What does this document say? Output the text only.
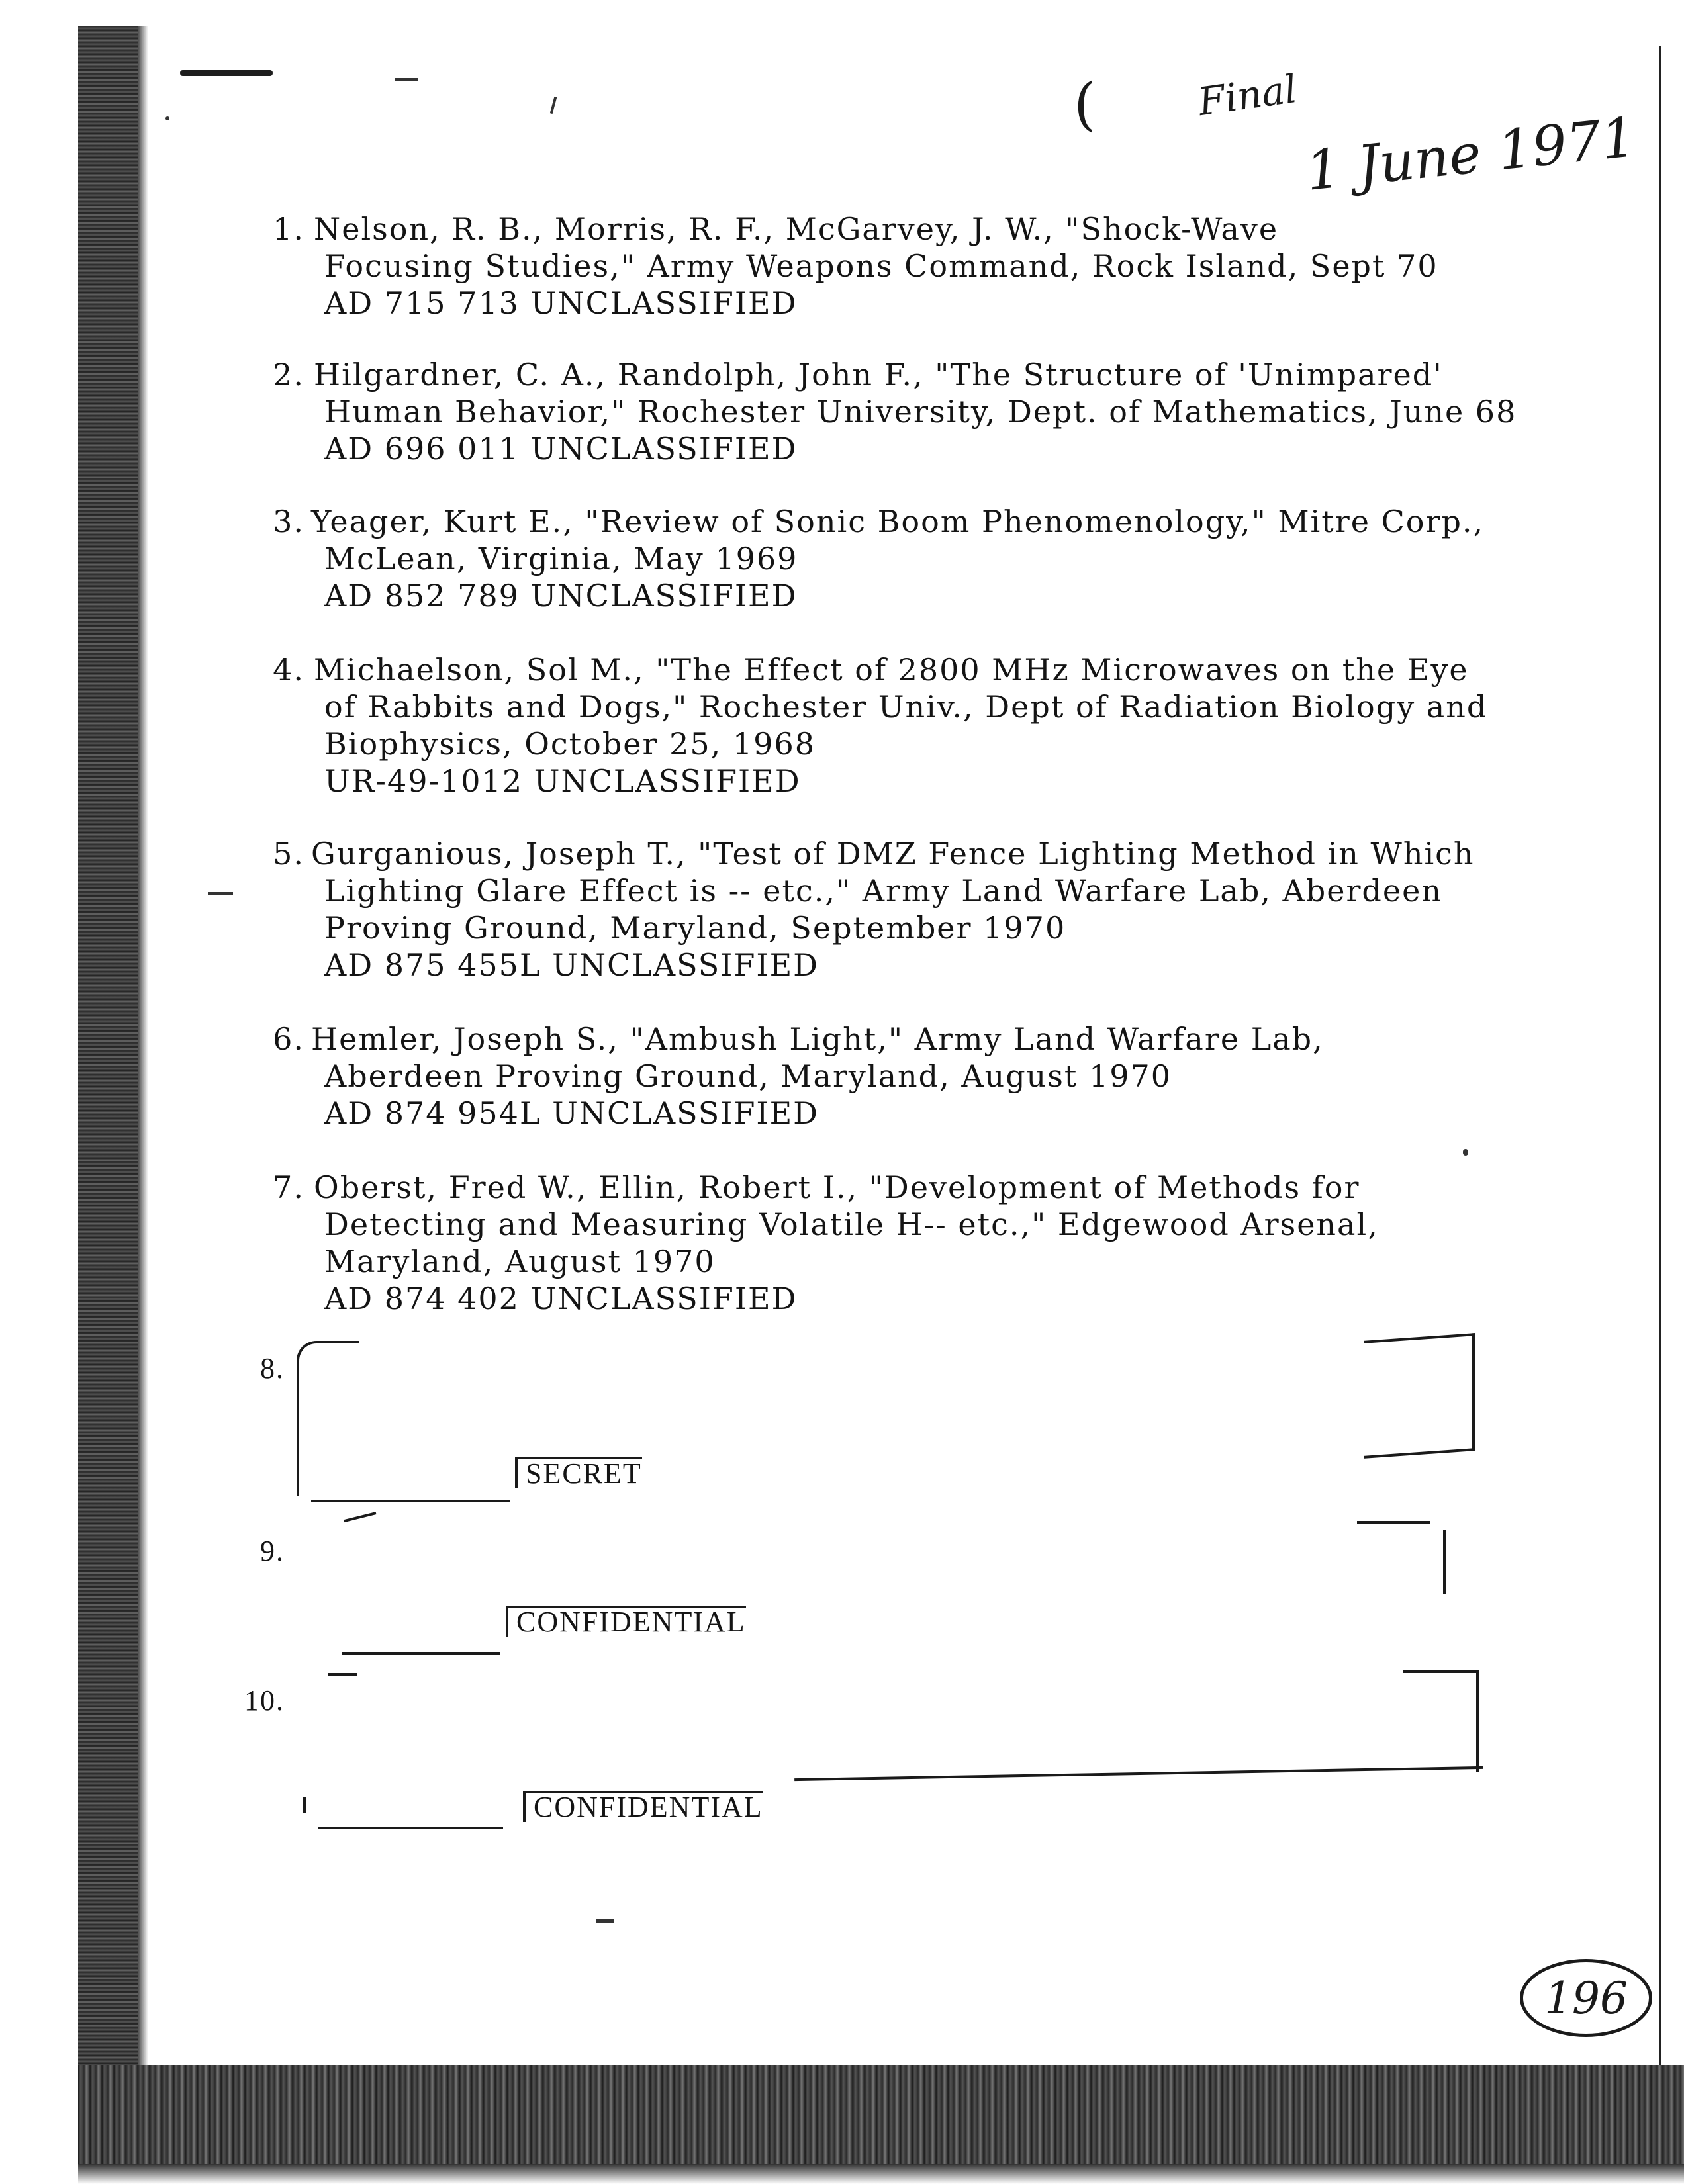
(	Final
1 June 1971
1. Nelson, R. B., Morris, R. F., McGarvey, J. W., "Shock-Wave
Focusing Studies," Army Weapons Command, Rock Island, Sept 70
AD 715 713 UNCLASSIFIED
2. Hilgardner, C. A., Randolph, John F., "The Structure of 'Unimpared'
Human Behavior," Rochester University, Dept. of Mathematics, June 68
AD 696 011 UNCLASSIFIED
3. Yeager, Kurt E., "Review of Sonic Boom Phenomenology," Mitre Corp.,
McLean, Virginia, May 1969
AD 852 789 UNCLASSIFIED
4. Michaelson, Sol M., "The Effect of 2800 MHz Microwaves on the Eye
of Rabbits and Dogs," Rochester Univ., Dept of Radiation Biology and
Biophysics, October 25, 1968
UR-49-1012 UNCLASSIFIED
5. Gurganious, Joseph T., "Test of DMZ Fence Lighting Method in Which
Lighting Glare Effect is -- etc.," Army Land Warfare Lab, Aberdeen
Proving Ground, Maryland, September 1970
AD 875 455L UNCLASSIFIED
6. Hemler, Joseph S., "Ambush Light," Army Land Warfare Lab,
Aberdeen Proving Ground, Maryland, August 1970
AD 874 954L UNCLASSIFIED
7. Oberst, Fred W., Ellin, Robert I., "Development of Methods for
Detecting and Measuring Volatile H-- etc.," Edgewood Arsenal,
Maryland, August 1970
AD 874 402 UNCLASSIFIED
8.
SECRET
9.
CONFIDENTIAL
10.
CONFIDENTIAL
196
